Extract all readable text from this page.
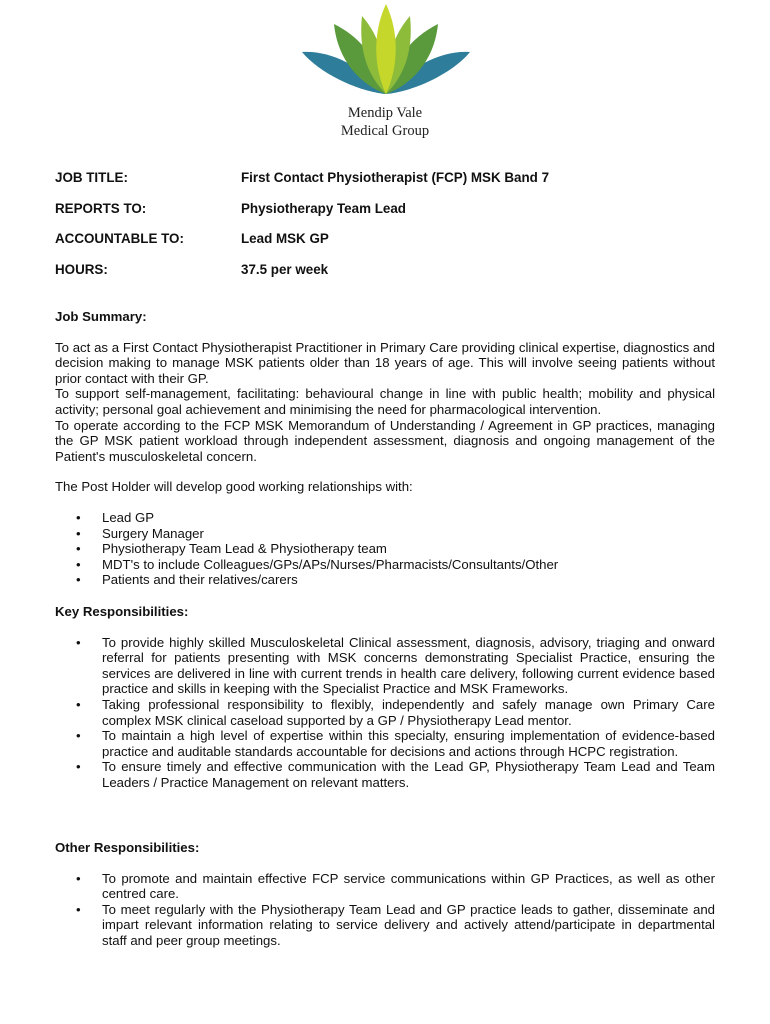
Mendip Vale
Medical Group
JOB TITLE:	First Contact Physiotherapist (FCP) MSK Band 7
REPORTS TO:	Physiotherapy Team Lead
ACCOUNTABLE TO:	Lead MSK GP
HOURS:	37.5 per week
Job Summary:

To act as a First Contact Physiotherapist Practitioner in Primary Care providing clinical expertise, diagnostics and decision making to manage MSK patients older than 18 years of age. This will involve seeing patients without prior contact with their GP.

To support self-management, facilitating: behavioural change in line with public health; mobility and physical activity; personal goal achievement and minimising the need for pharmacological intervention.

To operate according to the FCP MSK Memorandum of Understanding / Agreement in GP practices, managing the GP MSK patient workload through independent assessment, diagnosis and ongoing management of the Patient's musculoskeletal concern.

The Post Holder will develop good working relationships with:

• Lead GP
• Surgery Manager
• Physiotherapy Team Lead & Physiotherapy team
• MDT's to include Colleagues/GPs/APs/Nurses/Pharmacists/Consultants/Other
• Patients and their relatives/carers
Key Responsibilities:
• To provide highly skilled Musculoskeletal Clinical assessment, diagnosis, advisory, triaging and onward referral for patients presenting with MSK concerns demonstrating Specialist Practice, ensuring the services are delivered in line with current trends in health care delivery, following current evidence based practice and skills in keeping with the Specialist Practice and MSK Frameworks.
• Taking professional responsibility to flexibly, independently and safely manage own Primary Care complex MSK clinical caseload supported by a GP / Physiotherapy Lead mentor.
• To maintain a high level of expertise within this specialty, ensuring implementation of evidence-based practice and auditable standards accountable for decisions and actions through HCPC registration.
• To ensure timely and effective communication with the Lead GP, Physiotherapy Team Lead and Team Leaders / Practice Management on relevant matters.
Other Responsibilities:
• To promote and maintain effective FCP service communications within GP Practices, as well as other centred care.
• To meet regularly with the Physiotherapy Team Lead and GP practice leads to gather, disseminate and impart relevant information relating to service delivery and actively attend/participate in departmental staff and peer group meetings.
